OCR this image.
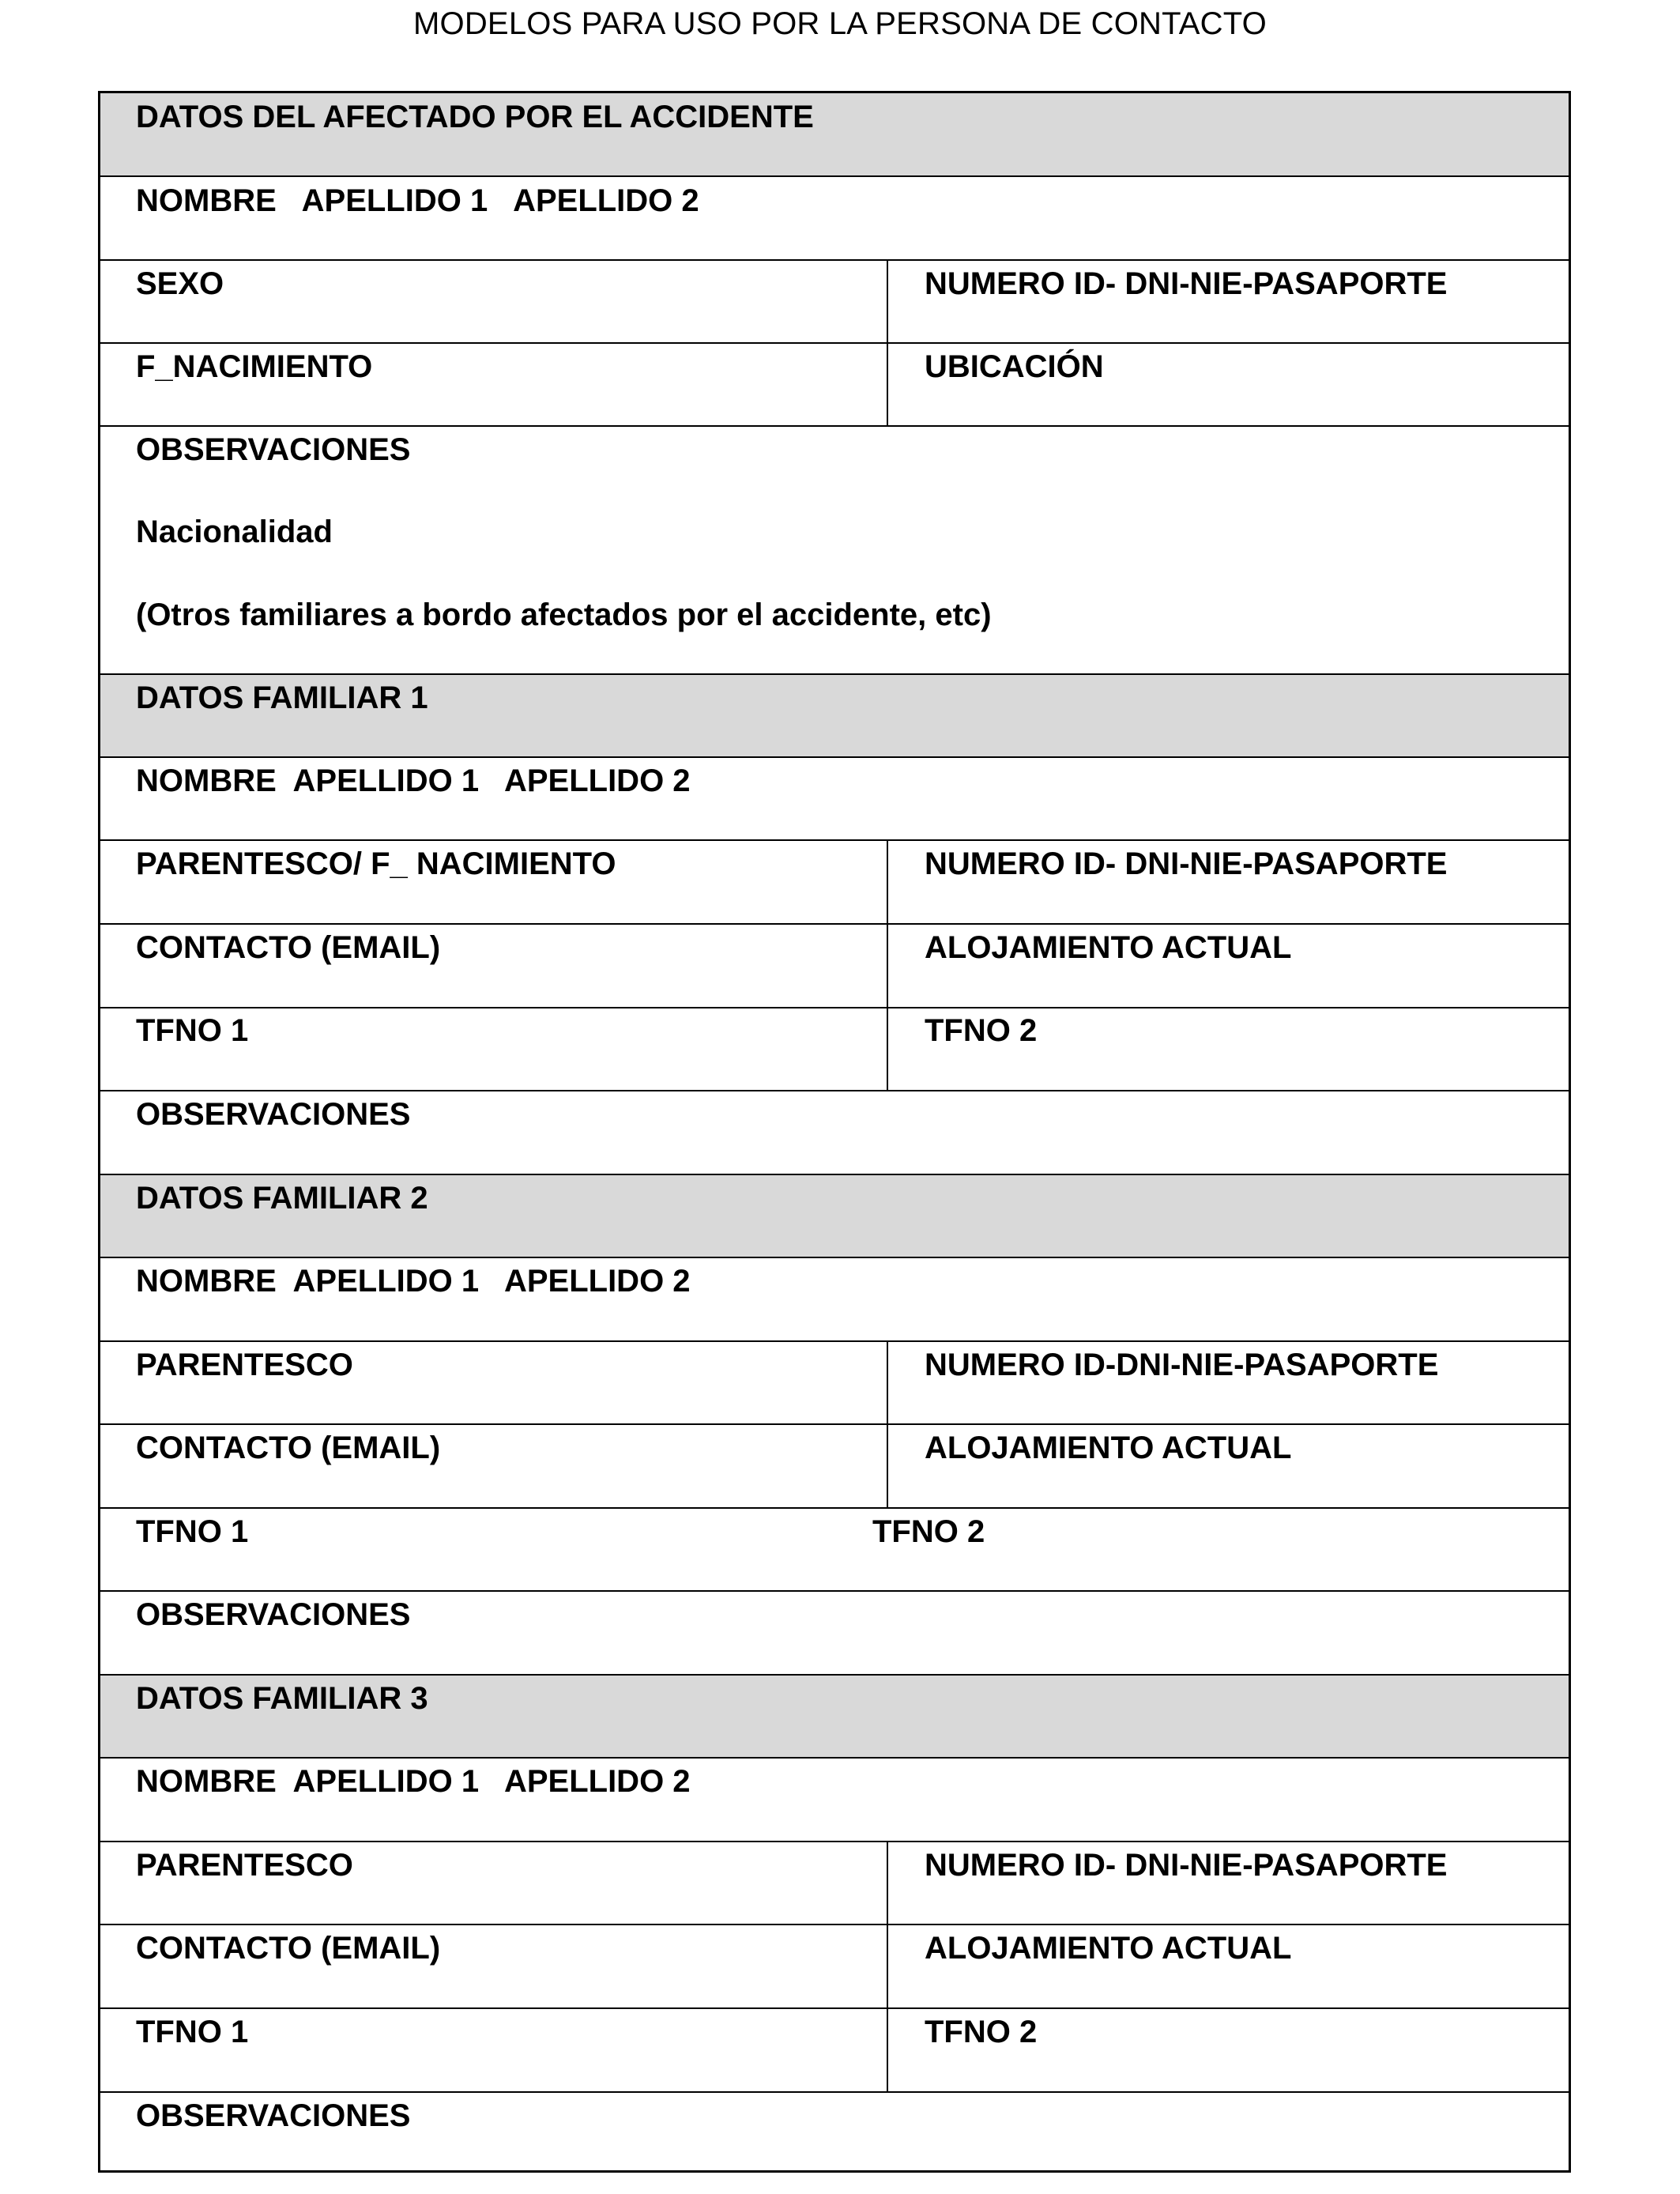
MODELOS PARA USO POR LA PERSONA DE CONTACTO
DATOS DEL AFECTADO POR EL ACCIDENTE
NOMBRE   APELLIDO 1   APELLIDO 2
SEXO	NUMERO ID- DNI-NIE-PASAPORTE
F_NACIMIENTO	UBICACIÓN
OBSERVACIONES
Nacionalidad
(Otros familiares a bordo afectados por el accidente, etc)
DATOS FAMILIAR 1
NOMBRE  APELLIDO 1   APELLIDO 2
PARENTESCO/ F_ NACIMIENTO	NUMERO ID- DNI-NIE-PASAPORTE
CONTACTO (EMAIL)	ALOJAMIENTO ACTUAL
TFNO 1	TFNO 2
OBSERVACIONES
DATOS FAMILIAR 2
NOMBRE  APELLIDO 1   APELLIDO 2
PARENTESCO	NUMERO ID-DNI-NIE-PASAPORTE
CONTACTO (EMAIL)	ALOJAMIENTO ACTUAL
TFNO 1	TFNO 2
OBSERVACIONES
DATOS FAMILIAR 3
NOMBRE  APELLIDO 1   APELLIDO 2
PARENTESCO	NUMERO ID- DNI-NIE-PASAPORTE
CONTACTO (EMAIL)	ALOJAMIENTO ACTUAL
TFNO 1	TFNO 2
OBSERVACIONES
